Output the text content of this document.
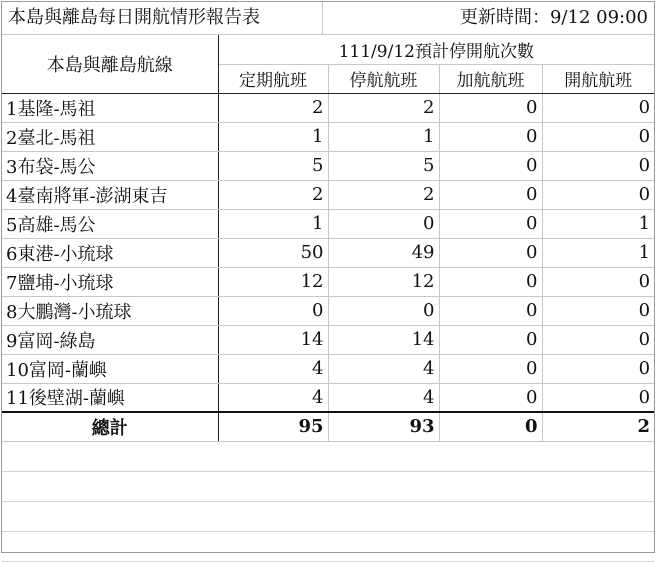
本島與離島每日開航情形報告表	更新時間：9/12 09:00
本島與離島航線	111/9/12預計停開航次數			
	定期航班	停航航班	加航航班	開航航班
1基隆-馬祖	2	2	0	0
2臺北-馬祖	1	1	0	0
3布袋-馬公	5	5	0	0
4臺南將軍-澎湖東吉	2	2	0	0
5高雄-馬公	1	0	0	1
6東港-小琉球	50	49	0	1
7鹽埔-小琉球	12	12	0	0
8大鵬灣-小琉球	0	0	0	0
9富岡-綠島	14	14	0	0
10富岡-蘭嶼	4	4	0	0
11後壁湖-蘭嶼	4	4	0	0
總計	95	93	0	2
